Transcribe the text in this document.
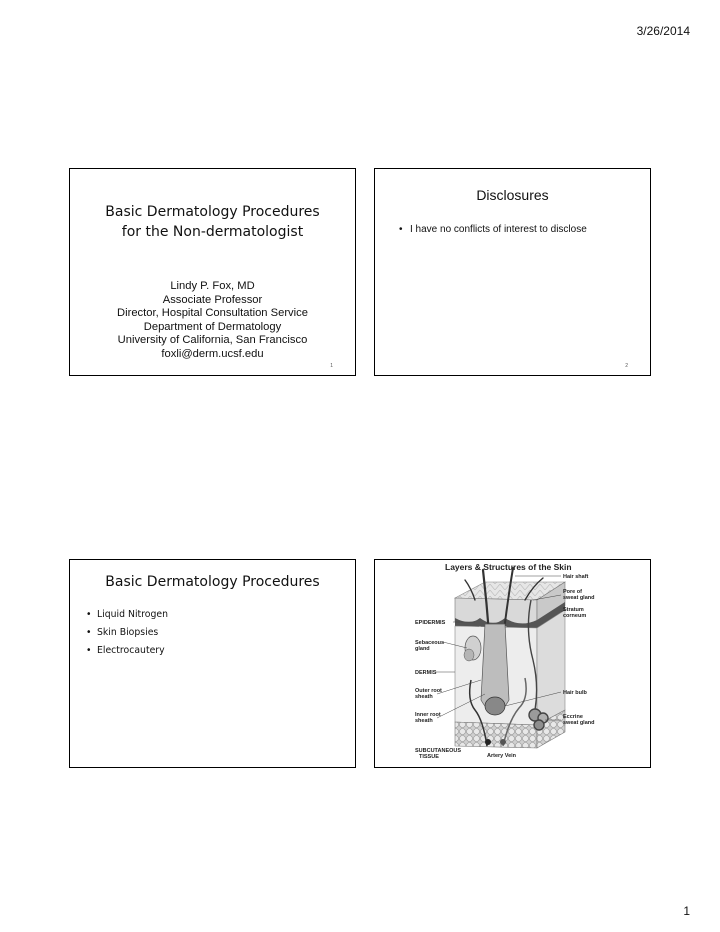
3/26/2014
Basic Dermatology Procedures
for the Non-dermatologist
Lindy P. Fox, MD
Associate Professor
Director, Hospital Consultation Service
Department of Dermatology
University of California, San Francisco
foxli@derm.ucsf.edu
1
Disclosures
• I have no conflicts of interest to disclose
2
Basic Dermatology Procedures
• Liquid Nitrogen
• Skin Biopsies
• Electrocautery
Layers & Structures of the Skin
Hair shaft
Pore of
sweat gland
Stratum
corneum
EPIDERMIS
Sebaceous
gland
DERMIS
Outer root
sheath
Hair bulb
Inner root
sheath
Eccrine
sweat gland
SUBCUTANEOUS
TISSUE	Artery Vein
1
